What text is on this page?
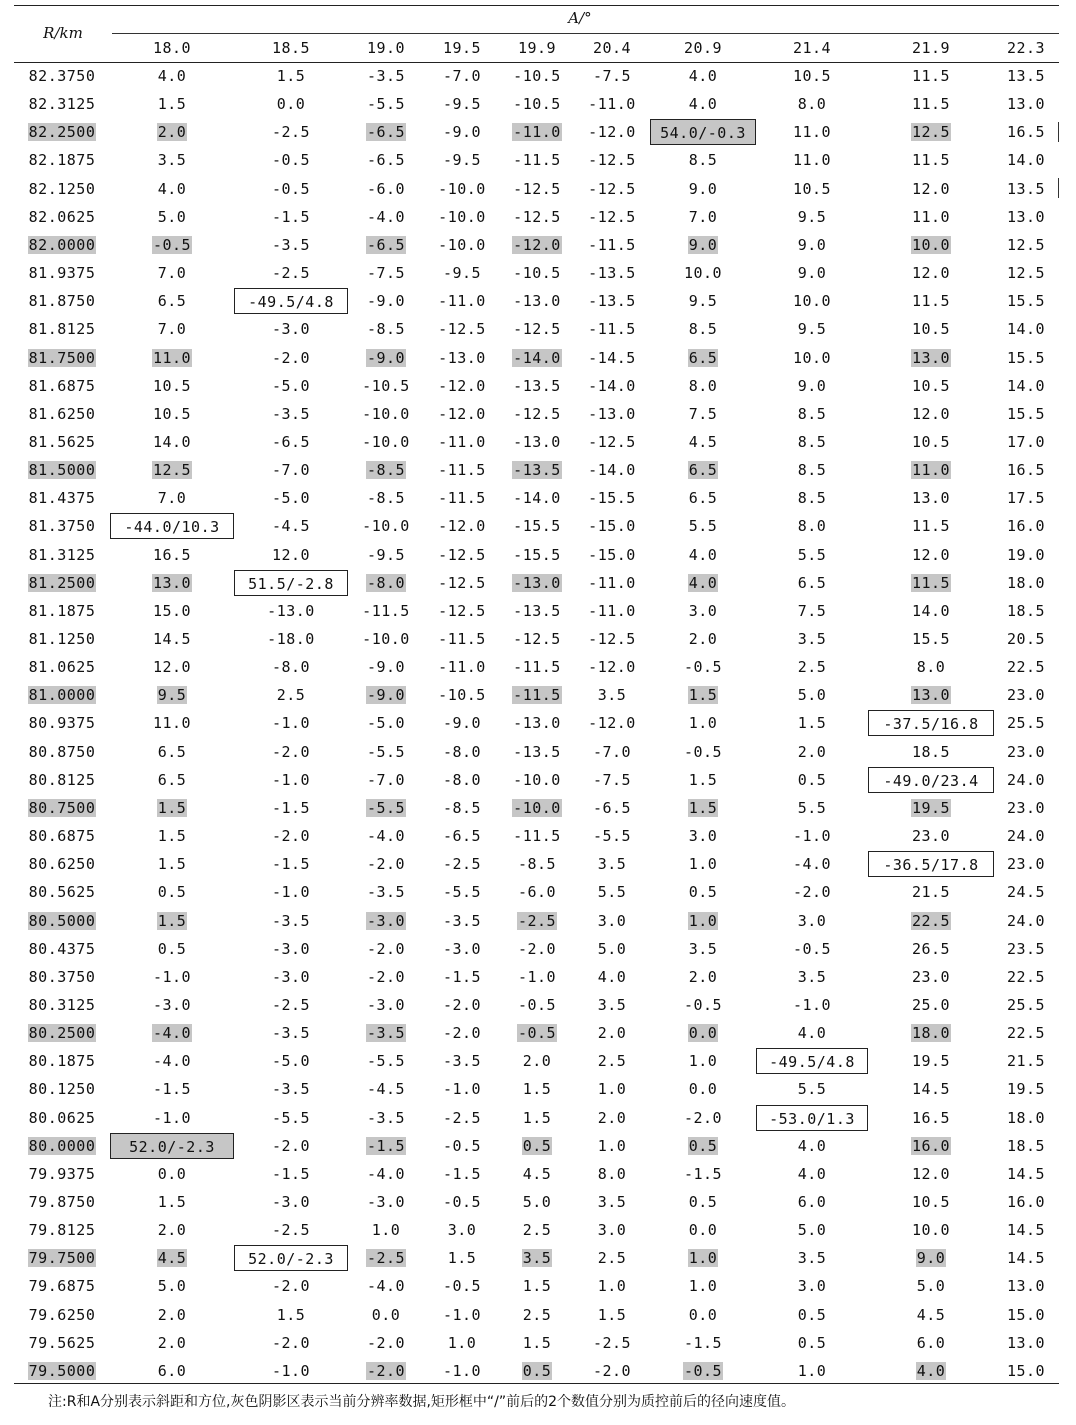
R/km
A/°
18.0	18.5	19.0	19.5	19.9	20.4	20.9	21.4	21.9	22.3
82.3750	4.0	1.5	-3.5	-7.0	-10.5	-7.5	4.0	10.5	11.5	13.5
82.3125	1.5	0.0	-5.5	-9.5	-10.5	-11.0	4.0	8.0	11.5	13.0
82.2500	2.0	-2.5	-6.5	-9.0	-11.0	-12.0	54.0/-0.3	11.0	12.5	16.5
82.1875	3.5	-0.5	-6.5	-9.5	-11.5	-12.5	8.5	11.0	11.5	14.0
82.1250	4.0	-0.5	-6.0	-10.0	-12.5	-12.5	9.0	10.5	12.0	13.5
82.0625	5.0	-1.5	-4.0	-10.0	-12.5	-12.5	7.0	9.5	11.0	13.0
82.0000	-0.5	-3.5	-6.5	-10.0	-12.0	-11.5	9.0	9.0	10.0	12.5
81.9375	7.0	-2.5	-7.5	-9.5	-10.5	-13.5	10.0	9.0	12.0	12.5
81.8750	6.5	-49.5/4.8	-9.0	-11.0	-13.0	-13.5	9.5	10.0	11.5	15.5
81.8125	7.0	-3.0	-8.5	-12.5	-12.5	-11.5	8.5	9.5	10.5	14.0
81.7500	11.0	-2.0	-9.0	-13.0	-14.0	-14.5	6.5	10.0	13.0	15.5
81.6875	10.5	-5.0	-10.5	-12.0	-13.5	-14.0	8.0	9.0	10.5	14.0
81.6250	10.5	-3.5	-10.0	-12.0	-12.5	-13.0	7.5	8.5	12.0	15.5
81.5625	14.0	-6.5	-10.0	-11.0	-13.0	-12.5	4.5	8.5	10.5	17.0
81.5000	12.5	-7.0	-8.5	-11.5	-13.5	-14.0	6.5	8.5	11.0	16.5
81.4375	7.0	-5.0	-8.5	-11.5	-14.0	-15.5	6.5	8.5	13.0	17.5
81.3750	-44.0/10.3	-4.5	-10.0	-12.0	-15.5	-15.0	5.5	8.0	11.5	16.0
81.3125	16.5	12.0	-9.5	-12.5	-15.5	-15.0	4.0	5.5	12.0	19.0
81.2500	13.0	51.5/-2.8	-8.0	-12.5	-13.0	-11.0	4.0	6.5	11.5	18.0
81.1875	15.0	-13.0	-11.5	-12.5	-13.5	-11.0	3.0	7.5	14.0	18.5
81.1250	14.5	-18.0	-10.0	-11.5	-12.5	-12.5	2.0	3.5	15.5	20.5
81.0625	12.0	-8.0	-9.0	-11.0	-11.5	-12.0	-0.5	2.5	8.0	22.5
81.0000	9.5	2.5	-9.0	-10.5	-11.5	3.5	1.5	5.0	13.0	23.0
80.9375	11.0	-1.0	-5.0	-9.0	-13.0	-12.0	1.0	1.5	-37.5/16.8	25.5
80.8750	6.5	-2.0	-5.5	-8.0	-13.5	-7.0	-0.5	2.0	18.5	23.0
80.8125	6.5	-1.0	-7.0	-8.0	-10.0	-7.5	1.5	0.5	-49.0/23.4	24.0
80.7500	1.5	-1.5	-5.5	-8.5	-10.0	-6.5	1.5	5.5	19.5	23.0
80.6875	1.5	-2.0	-4.0	-6.5	-11.5	-5.5	3.0	-1.0	23.0	24.0
80.6250	1.5	-1.5	-2.0	-2.5	-8.5	3.5	1.0	-4.0	-36.5/17.8	23.0
80.5625	0.5	-1.0	-3.5	-5.5	-6.0	5.5	0.5	-2.0	21.5	24.5
80.5000	1.5	-3.5	-3.0	-3.5	-2.5	3.0	1.0	3.0	22.5	24.0
80.4375	0.5	-3.0	-2.0	-3.0	-2.0	5.0	3.5	-0.5	26.5	23.5
80.3750	-1.0	-3.0	-2.0	-1.5	-1.0	4.0	2.0	3.5	23.0	22.5
80.3125	-3.0	-2.5	-3.0	-2.0	-0.5	3.5	-0.5	-1.0	25.0	25.5
80.2500	-4.0	-3.5	-3.5	-2.0	-0.5	2.0	0.0	4.0	18.0	22.5
80.1875	-4.0	-5.0	-5.5	-3.5	2.0	2.5	1.0	-49.5/4.8	19.5	21.5
80.1250	-1.5	-3.5	-4.5	-1.0	1.5	1.0	0.0	5.5	14.5	19.5
80.0625	-1.0	-5.5	-3.5	-2.5	1.5	2.0	-2.0	-53.0/1.3	16.5	18.0
80.0000	52.0/-2.3	-2.0	-1.5	-0.5	0.5	1.0	0.5	4.0	16.0	18.5
79.9375	0.0	-1.5	-4.0	-1.5	4.5	8.0	-1.5	4.0	12.0	14.5
79.8750	1.5	-3.0	-3.0	-0.5	5.0	3.5	0.5	6.0	10.5	16.0
79.8125	2.0	-2.5	1.0	3.0	2.5	3.0	0.0	5.0	10.0	14.5
79.7500	4.5	52.0/-2.3	-2.5	1.5	3.5	2.5	1.0	3.5	9.0	14.5
79.6875	5.0	-2.0	-4.0	-0.5	1.5	1.0	1.0	3.0	5.0	13.0
79.6250	2.0	1.5	0.0	-1.0	2.5	1.5	0.0	0.5	4.5	15.0
79.5625	2.0	-2.0	-2.0	1.0	1.5	-2.5	-1.5	0.5	6.0	13.0
79.5000	6.0	-1.0	-2.0	-1.0	0.5	-2.0	-0.5	1.0	4.0	15.0
注:R和A分别表示斜距和方位,灰色阴影区表示当前分辨率数据,矩形框中“/”前后的2个数值分别为质控前后的径向速度值。
